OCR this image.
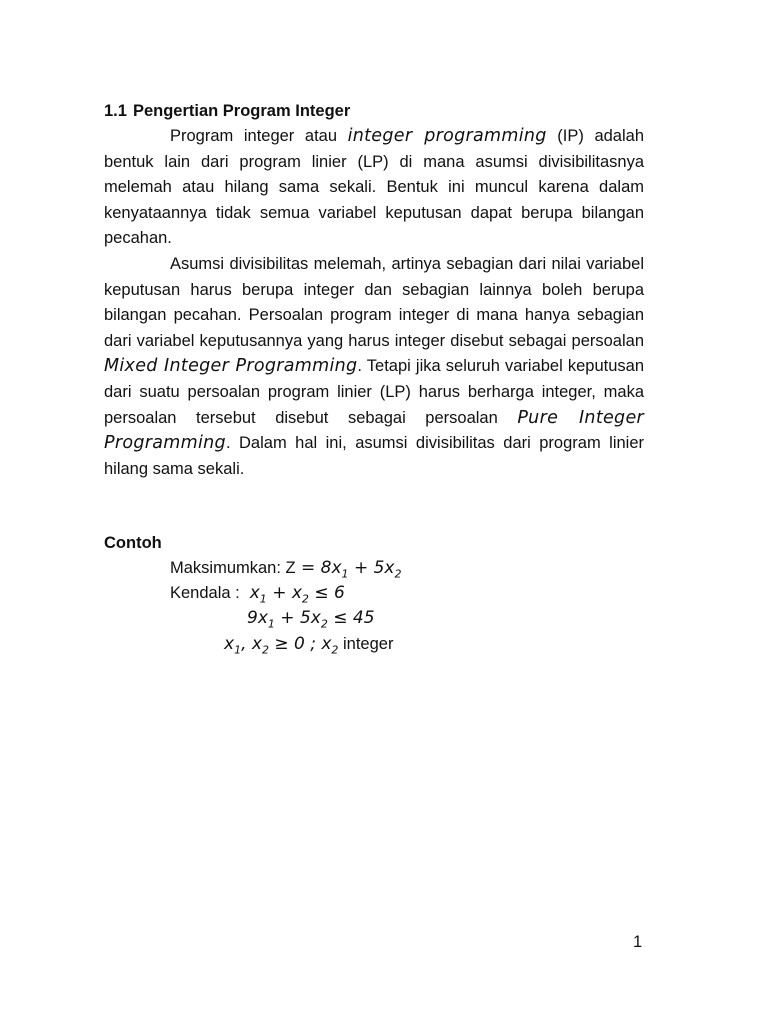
1.1 Pengertian Program Integer
Program integer atau integer programming (IP) adalah bentuk lain dari program linier (LP) di mana asumsi divisibilitasnya melemah atau hilang sama sekali. Bentuk ini muncul karena dalam kenyataannya tidak semua variabel keputusan dapat berupa bilangan pecahan.
Asumsi divisibilitas melemah, artinya sebagian dari nilai variabel keputusan harus berupa integer dan sebagian lainnya boleh berupa bilangan pecahan. Persoalan program integer di mana hanya sebagian dari variabel keputusannya yang harus integer disebut sebagai persoalan Mixed Integer Programming. Tetapi jika seluruh variabel keputusan dari suatu persoalan program linier (LP) harus berharga integer, maka persoalan tersebut disebut sebagai persoalan Pure Integer Programming. Dalam hal ini, asumsi divisibilitas dari program linier hilang sama sekali.
Contoh
Maksimumkan: $Z = 8x_1 + 5x_2$
Kendala : $x_1 + x_2 \le 6$
$9x_1 + 5x_2 \le 45$
$x_1$, $x_2 \ge 0$ ; $x_2$ integer
1
